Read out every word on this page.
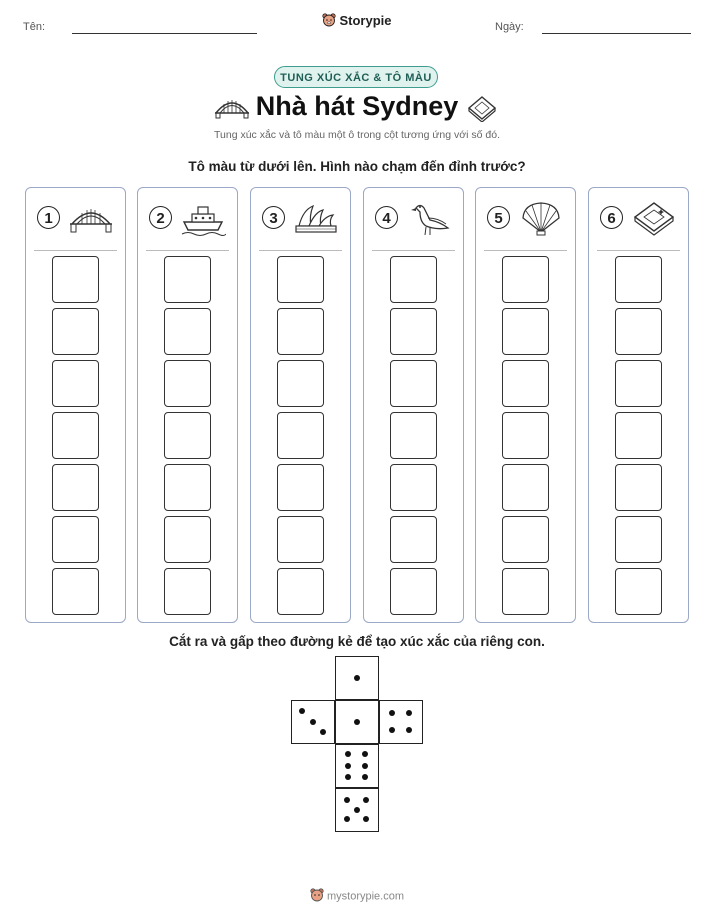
Tên:	Storypie	Ngày:
TUNG XÚC XẮC & TÔ MÀU
Nhà hát Sydney
Tung xúc xắc và tô màu một ô trong cột tương ứng với số đó.
Tô màu từ dưới lên. Hình nào chạm đến đỉnh trước?
1	2	3	4	5	6
Cắt ra và gấp theo đường kẻ để tạo xúc xắc của riêng con.
mystorypie.com
